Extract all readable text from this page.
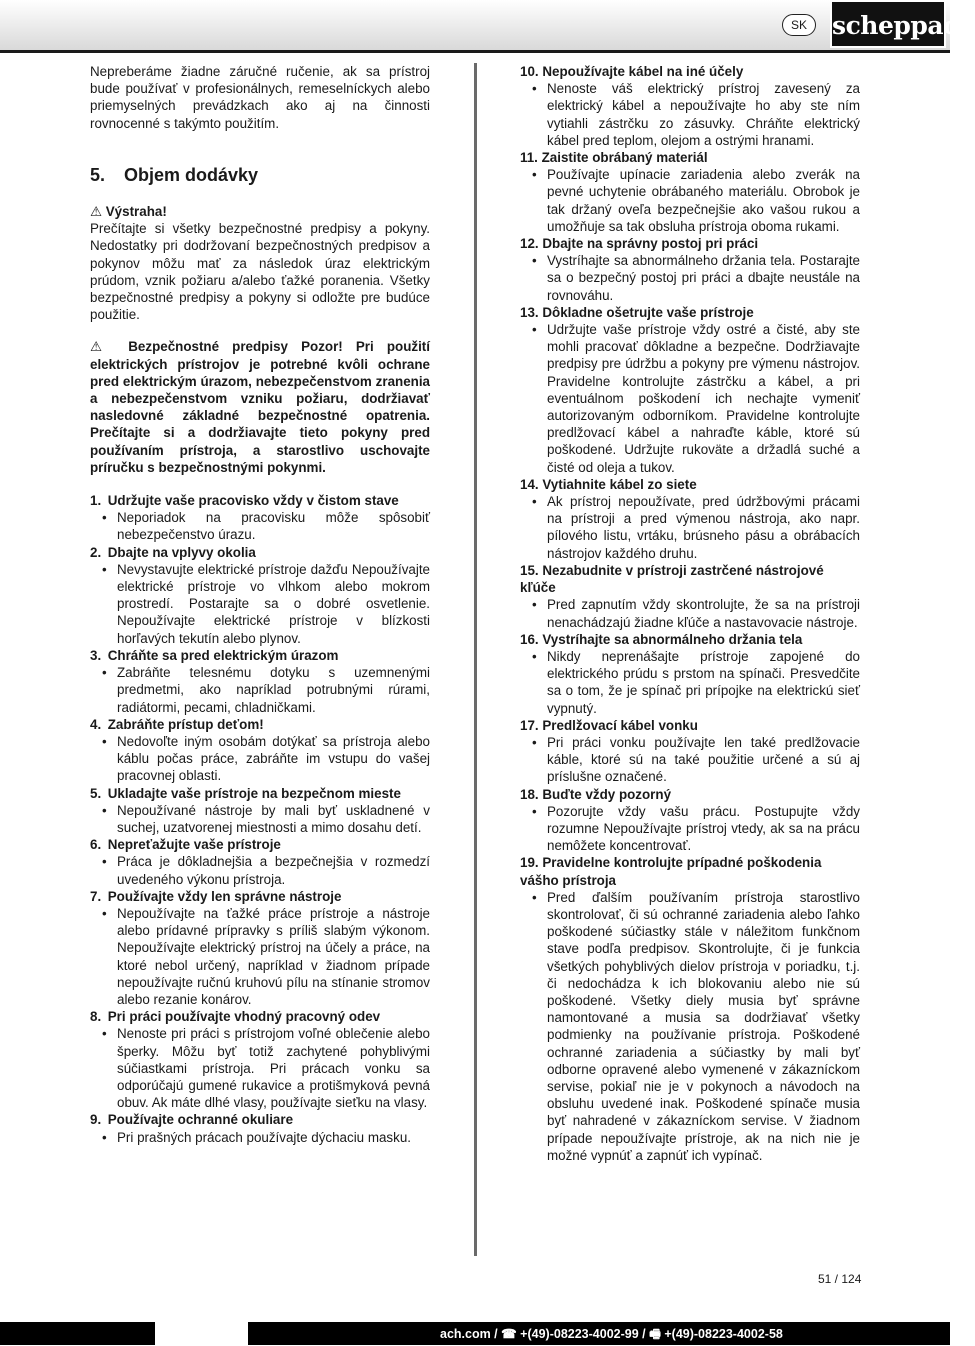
SK	scheppach

Nepreberáme žiadne záručné ručenie, ak sa prístroj bude používať v profesionálnych, remeselníckych alebo priemyselných prevádzkach ako aj na činnosti rovnocenné s takýmto použitím.

5. Objem dodávky

⚠ Výstraha!

Prečítajte si všetky bezpečnostné predpisy a pokyny. Nedostatky pri dodržovaní bezpečnostných predpisov a pokynov môžu mať za následok úraz elektrickým prúdom, vznik požiaru a/alebo ťažké poranenia. Všetky bezpečnostné predpisy a pokyny si odložte pre budúce použitie.

⚠ Bezpečnostné predpisy Pozor! Pri použití elektrických prístrojov je potrebné kvôli ochrane pred elektrickým úrazom, nebezpečenstvom zranenia a nebezpečenstvom vzniku požiaru, dodržiavať nasledovné základné bezpečnostné opatrenia. Prečítajte si a dodržiavajte tieto pokyny pred používaním prístroja, a starostlivo uschovajte príručku s bezpečnostnými pokynmi.

1. Udržujte vaše pracovisko vždy v čistom stave

• Neporiadok na pracovisku môže spôsobiť nebezpečenstvo úrazu.

2. Dbajte na vplyvy okolia

• Nevystavujte elektrické prístroje dažďu Nepoužívajte elektrické prístroje vo vlhkom alebo mokrom prostredí. Postarajte sa o dobré osvetlenie. Nepoužívajte elektrické prístroje v blízkosti horľavých tekutín alebo plynov.

3. Chráňte sa pred elektrickým úrazom

• Zabráňte telesnému dotyku s uzemnenými predmetmi, ako napríklad potrubnými rúrami, radiátormi, pecami, chladničkami.

4. Zabráňte prístup deťom!

• Nedovoľte iným osobám dotýkať sa prístroja alebo káblu počas práce, zabráňte im vstupu do vašej pracovnej oblasti.

5. Ukladajte vaše prístroje na bezpečnom mieste

• Nepoužívané nástroje by mali byť uskladnené v suchej, uzatvorenej miestnosti a mimo dosahu detí.

6. Nepreťažujte vaše prístroje

• Práca je dôkladnejšia a bezpečnejšia v rozmedzí uvedeného výkonu prístroja.

7. Používajte vždy len správne nástroje

• Nepoužívajte na ťažké práce prístroje a nástroje alebo prídavné prípravky s príliš slabým výkonom. Nepoužívajte elektrický prístroj na účely a práce, na ktoré nebol určený, napríklad v žiadnom prípade nepoužívajte ručnú kruhovú pílu na stínanie stromov alebo rezanie konárov.

8. Pri práci používajte vhodný pracovný odev

• Nenoste pri práci s prístrojom voľné oblečenie alebo šperky. Môžu byť totiž zachytené pohyblivými súčiastkami prístroja. Pri prácach vonku sa odporúčajú gumené rukavice a protišmyková pevná obuv. Ak máte dlhé vlasy, používajte sieťku na vlasy.

9. Používajte ochranné okuliare

• Pri prašných prácach používajte dýchaciu masku.

10. Nepoužívajte kábel na iné účely

• Nenoste váš elektrický prístroj zavesený za elektrický kábel a nepoužívajte ho aby ste ním vytiahli zástrčku zo zásuvky. Chráňte elektrický kábel pred teplom, olejom a ostrými hranami.

11. Zaistite obrábaný materiál

• Používajte upínacie zariadenia alebo zverák na pevné uchytenie obrábaného materiálu. Obrobok je tak držaný oveľa bezpečnejšie ako vašou rukou a umožňuje sa tak obsluha prístroja oboma rukami.

12. Dbajte na správny postoj pri práci

• Vystríhajte sa abnormálneho držania tela. Postarajte sa o bezpečný postoj pri práci a dbajte neustále na rovnováhu.

13. Dôkladne ošetrujte vaše prístroje

• Udržujte vaše prístroje vždy ostré a čisté, aby ste mohli pracovať dôkladne a bezpečne. Dodržiavajte predpisy pre údržbu a pokyny pre výmenu nástrojov. Pravidelne kontrolujte zástrčku a kábel, a pri eventuálnom poškodení ich nechajte vymeniť autorizovaným odborníkom. Pravidelne kontrolujte predlžovací kábel a nahraďte káble, ktoré sú poškodené. Udržujte rukoväte a držadlá suché a čisté od oleja a tukov.

14. Vytiahnite kábel zo siete

• Ak prístroj nepoužívate, pred údržbovými prácami na prístroji a pred výmenou nástroja, ako napr. pílového listu, vrtáku, brúsneho pásu a obrábacích nástrojov každého druhu.

15. Nezabudnite v prístroji zastrčené nástrojové kľúče

• Pred zapnutím vždy skontrolujte, že sa na prístroji nenachádzajú žiadne kľúče a nastavovacie nástroje.

16. Vystríhajte sa abnormálneho držania tela

• Nikdy neprenášajte prístroje zapojené do elektrického prúdu s prstom na spínači. Presvedčite sa o tom, že je spínač pri prípojke na elektrickú sieť vypnutý.

17. Predlžovací kábel vonku

• Pri práci vonku používajte len také predlžovacie káble, ktoré sú na také použitie určené a sú aj príslušne označené.

18. Buďte vždy pozorný

• Pozorujte vždy vašu prácu. Postupujte vždy rozumne Nepoužívajte prístroj vtedy, ak sa na prácu nemôžete koncentrovať.

19. Pravidelne kontrolujte prípadné poškodenia vášho prístroja

• Pred ďalším používaním prístroja starostlivo skontrolovať, či sú ochranné zariadenia alebo ľahko poškodené súčiastky stále v náležitom funkčnom stave podľa predpisov. Skontrolujte, či je funkcia všetkých pohyblivých dielov prístroja v poriadku, t.j. či nedochádza k ich blokovaniu alebo nie sú poškodené. Všetky diely musia byť správne namontované a musia sa dodržiavať všetky podmienky na používanie prístroja. Poškodené ochranné zariadenia a súčiastky by mali byť odborne opravené alebo vymenené v zákazníckom servise, pokiaľ nie je v pokynoch a návodoch na obsluhu uvedené inak. Poškodené spínače musia byť nahradené v zákazníckom servise. V žiadnom prípade nepoužívajte prístroje, ak na nich nie je možné vypnúť a zapnúť ich vypínač.

51 / 124
ach.com / ☎ +(49)-08223-4002-99 / 🖷 +(49)-08223-4002-58
